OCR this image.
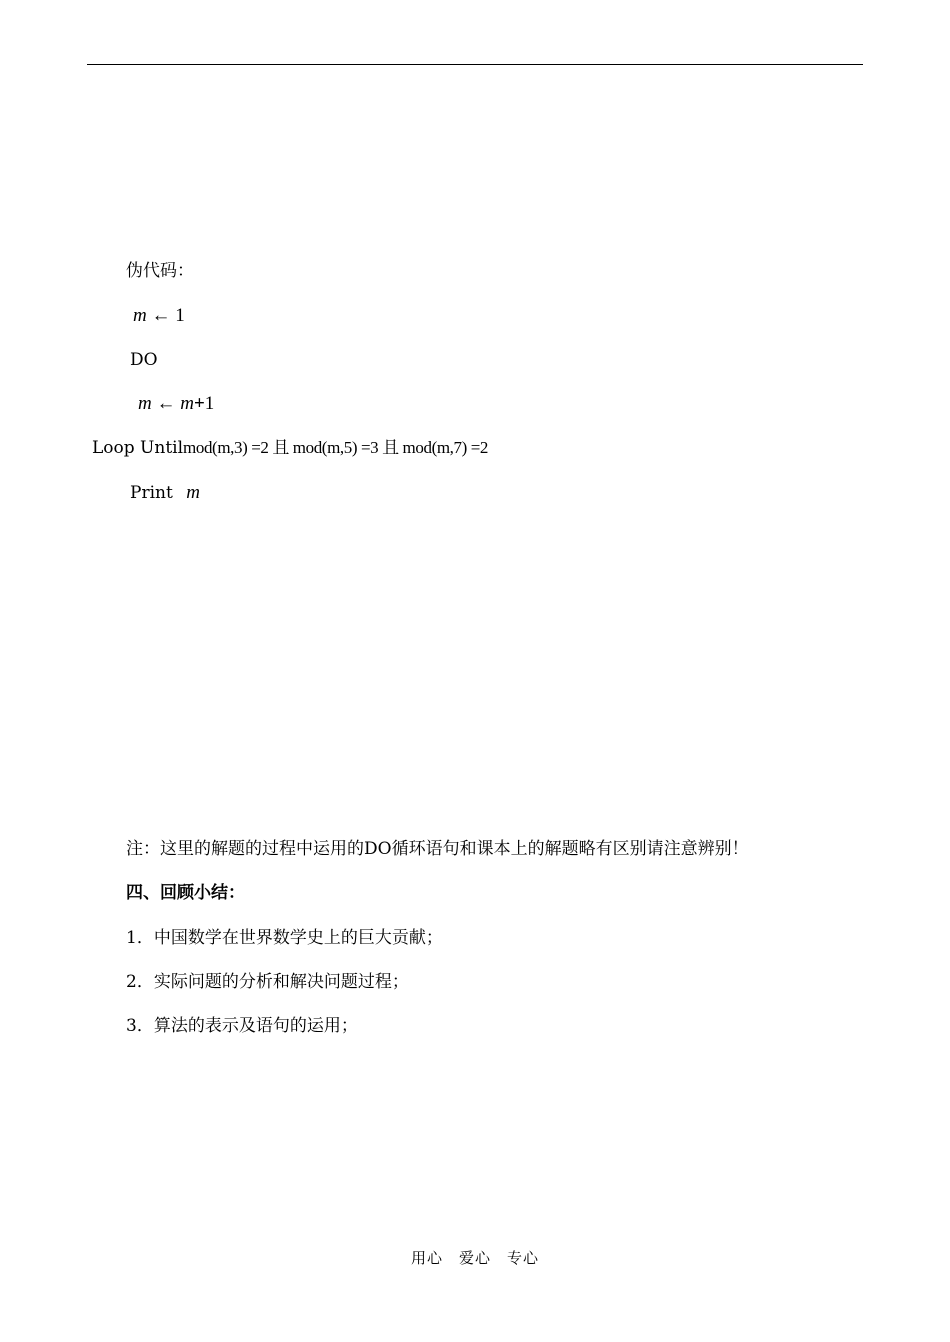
伪代码：
m ← 1
DO
m ← m+1
Loop Untilmod(m,3) =2 且 mod(m,5) =3 且 mod(m,7) =2
Print m
注：这里的解题的过程中运用的DO循环语句和课本上的解题略有区别请注意辨别！
四、回顾小结：
1．中国数学在世界数学史上的巨大贡献；
2．实际问题的分析和解决问题过程；
3．算法的表示及语句的运用；
用心　爱心　专心
